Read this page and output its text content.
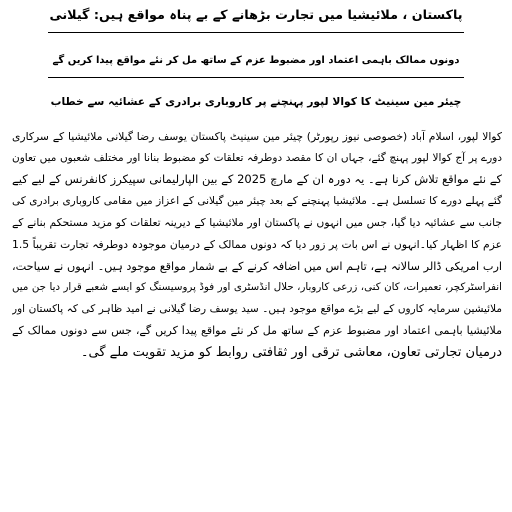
پاکستان ، ملائیشیا میں تجارت بڑھانے کے بے پناہ مواقع ہیں: گیلانی
دونوں ممالک باہمی اعتماد اور مضبوط عزم کے ساتھ مل کر نئے مواقع پیدا کریں گے
چیئر مین سینیٹ کا کوالا لپور پہنچنے پر کاروباری برادری کے عشائیہ سے خطاب
کوالا لپور، اسلام آباد (خصوصی نیوز رپورٹر) چیئر مین سینیٹ پاکستان یوسف رضا گیلانی ملائیشیا کے سرکاری
دورے پر آج کوالا لپور پہنچ گئے، جہاں ان کا مقصد دوطرفہ تعلقات کو مضبوط بنانا اور مختلف شعبوں میں تعاون
کے نئے مواقع تلاش کرنا ہے۔ یہ دورہ ان کے مارچ 2025 کے بین الپارلیمانی سپیکرز کانفرنس کے لیے کیے
گئے پہلے دورے کا تسلسل ہے۔ ملائیشیا پہنچنے کے بعد چیئر مین گیلانی کے اعزاز میں مقامی کاروباری برادری کی
جانب سے عشائیہ دیا گیا، جس میں انہوں نے پاکستان اور ملائیشیا کے دیرینہ تعلقات کو مزید مستحکم بنانے کے
عزم کا اظہار کیا۔انہوں نے اس بات پر زور دیا کہ دونوں ممالک کے درمیان موجودہ دوطرفہ تجارت تقریباً 1.5
ارب امریکی ڈالر سالانہ ہے، تاہم اس میں اضافہ کرنے کے بے شمار مواقع موجود ہیں۔ انہوں نے سیاحت،
انفراسٹرکچر، تعمیرات، کان کنی، زرعی کاروبار، حلال انڈسٹری اور فوڈ پروسیسنگ کو ایسے شعبے قرار دیا جن میں
ملائیشین سرمایہ کاروں کے لیے بڑے مواقع موجود ہیں۔ سید یوسف رضا گیلانی نے امید ظاہر کی کہ پاکستان اور
ملائیشیا باہمی اعتماد اور مضبوط عزم کے ساتھ مل کر نئے مواقع پیدا کریں گے، جس سے دونوں ممالک کے
درمیان تجارتی تعاون، معاشی ترقی اور ثقافتی روابط کو مزید تقویت ملے گی۔
